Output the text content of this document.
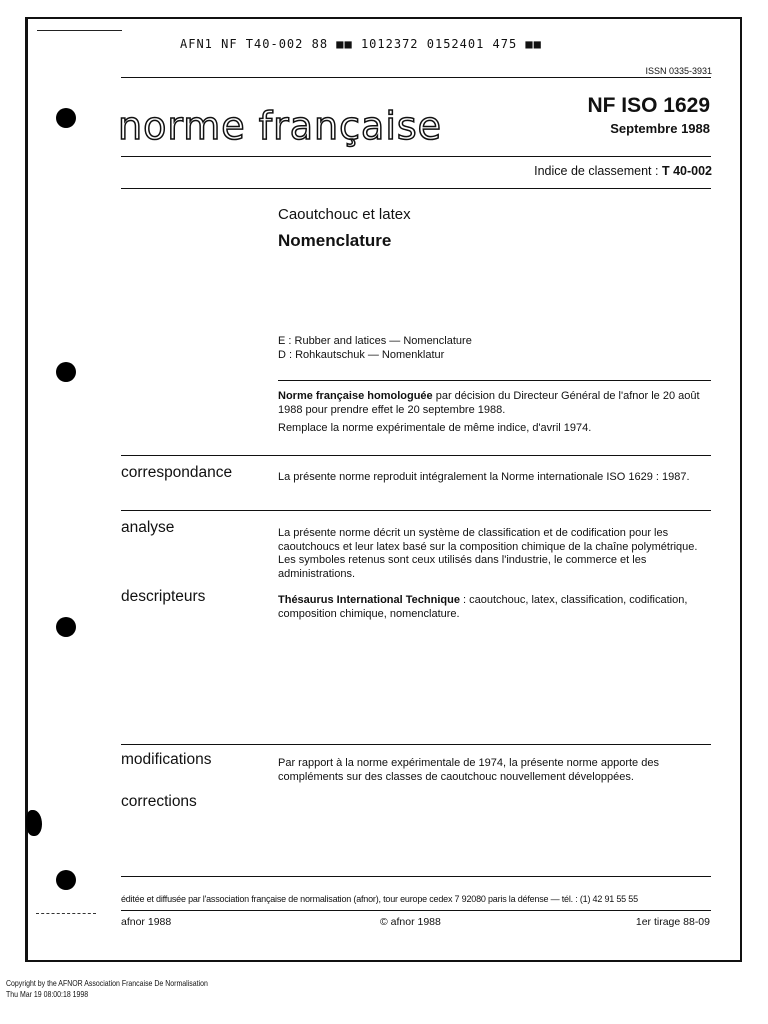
AFN1 NF T40-002 88 ■■ 1012372 0152401 475 ■■
ISSN 0335-3931
norme française	NF ISO 1629
Septembre 1988
Indice de classement : T 40-002
Caoutchouc et latex
Nomenclature
E : Rubber and latices — Nomenclature
D : Rohkautschuk — Nomenklatur

Norme française homologuée par décision du Directeur Général de l'afnor le 20 août 1988 pour prendre effet le 20 septembre 1988.

Remplace la norme expérimentale de même indice, d'avril 1974.

correspondance	La présente norme reproduit intégralement la Norme internationale ISO 1629 : 1987.
analyse	La présente norme décrit un système de classification et de codification pour les caoutchoucs et leur latex basé sur la composition chimique de la chaîne polymétrique. Les symboles retenus sont ceux utilisés dans l'industrie, le commerce et les administrations.
descripteurs	Thésaurus International Technique : caoutchouc, latex, classification, codification, composition chimique, nomenclature.
modifications	Par rapport à la norme expérimentale de 1974, la présente norme apporte des compléments sur des classes de caoutchouc nouvellement développées.
corrections
éditée et diffusée par l'association française de normalisation (afnor), tour europe cedex 7 92080 paris la défense — tél. : (1) 42 91 55 55
afnor 1988	© afnor 1988	1er tirage 88-09
Copyright by the AFNOR Association Francaise De Normalisation
Thu Mar 19 08:00:18 1998
